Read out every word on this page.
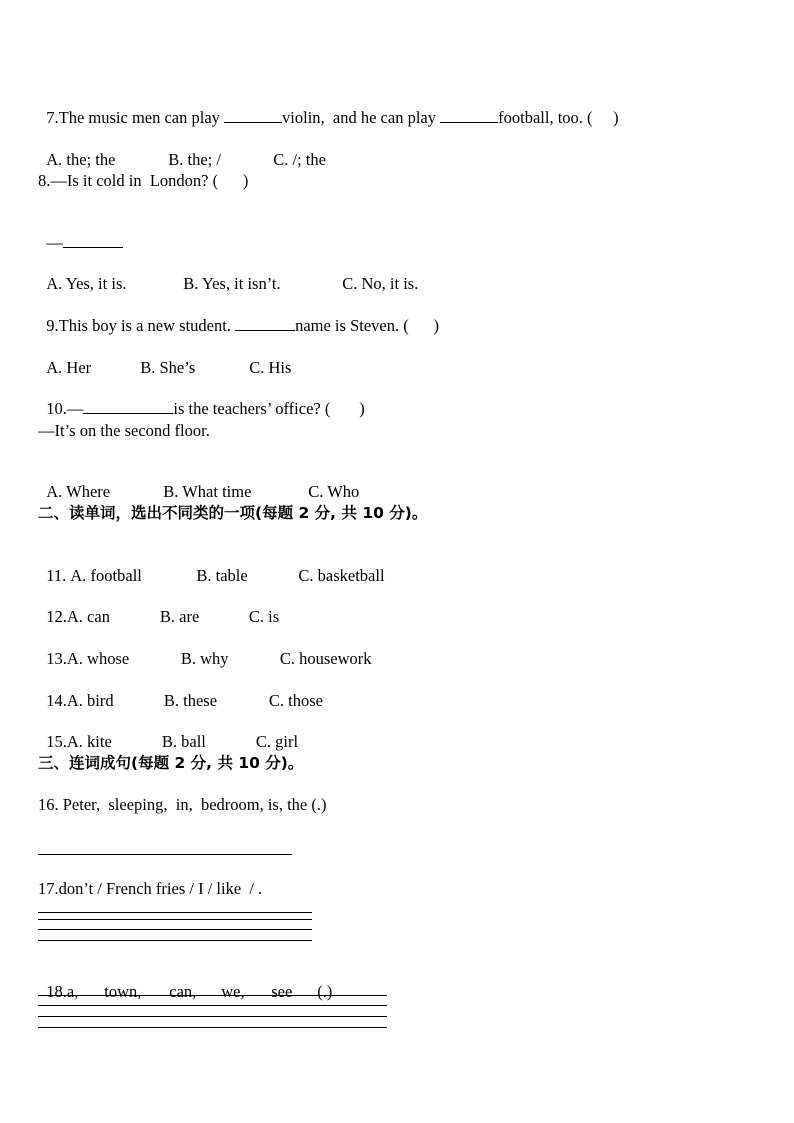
7.The music men can play	violin,  and he can play	football, too. (     )

A. the; the	B. the; /	C. /; the

8.—Is it cold in  London? (      )

—

A. Yes, it is.	B. Yes, it isn’t.	C. No, it is.

9.This boy is a new student.	name is Steven. (      )

A. Her	B. She’s	C. His

10.—	is the teachers’ office? (       )

—It’s on the second floor.

A. Where	B. What time	C. Who

二、读单词，选出不同类的一项(每题 2 分, 共 10 分)。

11. A. football	B. table	C. basketball

12.A. can	B. are	C. is

13.A. whose	B. why	C. housework

14.A. bird	B. these	C. those

15.A. kite	B. ball	C. girl

三、连词成句(每题 2 分, 共 10 分)。
16. Peter,  sleeping,  in,  bedroom, is, the (.)
17.don’t / French fries / I / like  / .

18.a, town, can, we, see (.)
